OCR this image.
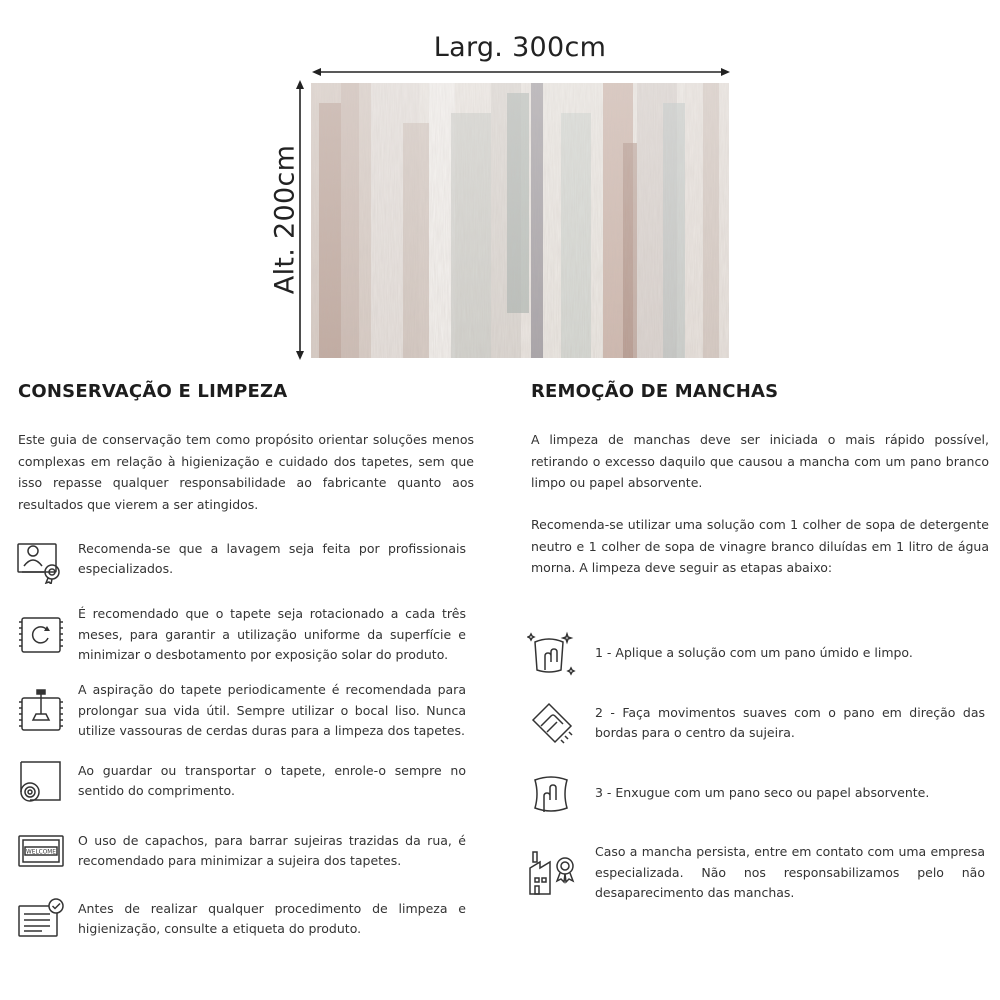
Larg. 300cm
Alt. 200cm
CONSERVAÇÃO E LIMPEZA
Este guia de conservação tem como propósito orientar soluções menos complexas em relação à higienização e cuidado dos tapetes, sem que isso repasse qualquer responsabilidade ao fabricante quanto aos resultados que vierem a ser atingidos.
Recomenda-se que a lavagem seja feita por profissionais especializados.
É recomendado que o tapete seja rotacionado a cada três meses, para garantir a utilização uniforme da superfície e minimizar o desbotamento por exposição solar do produto.
A aspiração do tapete periodicamente é recomendada para prolongar sua vida útil. Sempre utilizar o bocal liso. Nunca utilize vassouras de cerdas duras para a limpeza dos tapetes.
Ao guardar ou transportar o tapete, enrole-o sempre no sentido do comprimento.
WELCOME
O uso de capachos, para barrar sujeiras trazidas da rua, é recomendado para minimizar a sujeira dos tapetes.
Antes de realizar qualquer procedimento de limpeza e higienização, consulte a etiqueta do produto.
REMOÇÃO DE MANCHAS
A limpeza de manchas deve ser iniciada o mais rápido possível, retirando o excesso daquilo que causou a mancha com um pano branco limpo ou papel absorvente.
Recomenda-se utilizar uma solução com 1 colher de sopa de detergente neutro e 1 colher de sopa de vinagre branco diluídas em 1 litro de água morna. A limpeza deve seguir as etapas abaixo:
1 - Aplique a solução com um pano úmido e limpo.
2 - Faça movimentos suaves com o pano em direção das bordas para o centro da sujeira.
3 - Enxugue com um pano seco ou papel absorvente.
Caso a mancha persista, entre em contato com uma empresa especializada. Não nos responsabilizamos pelo não desaparecimento das manchas.
